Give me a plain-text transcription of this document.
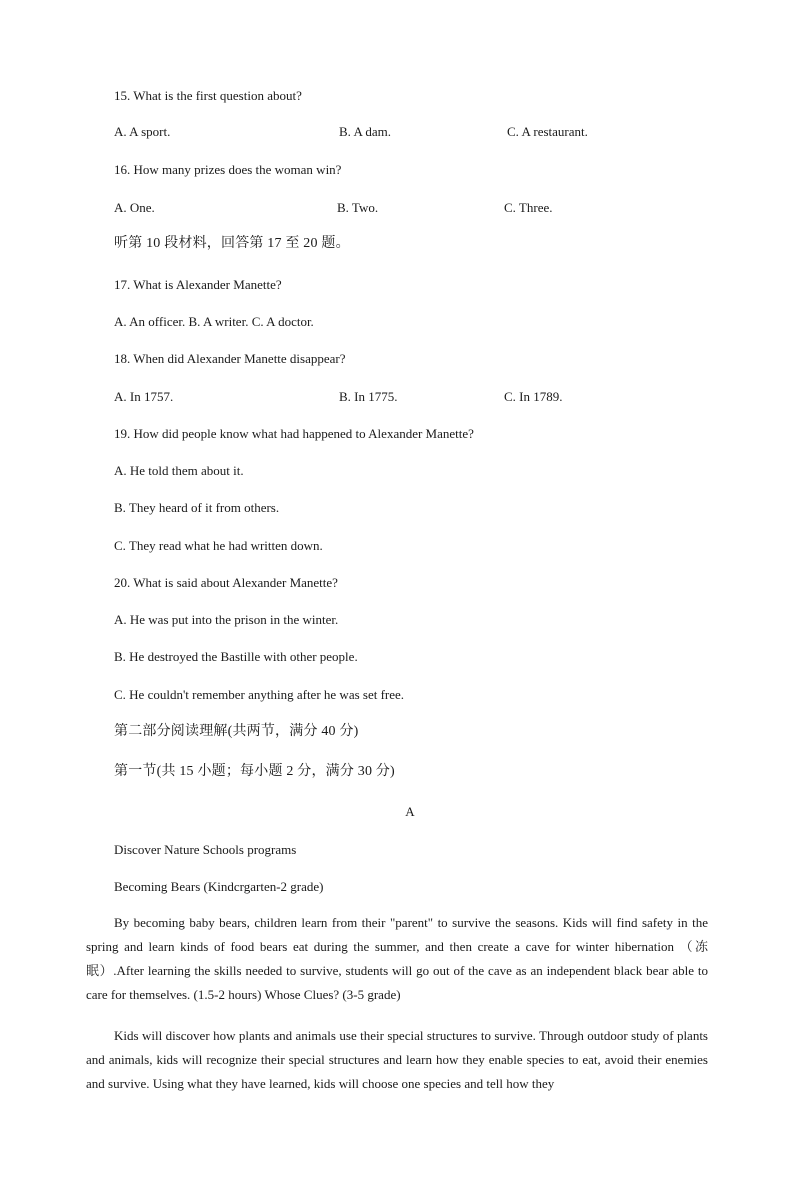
15. What is the first question about?
A. A sport.	B. A dam.	C. A restaurant.
16. How many prizes does the woman win?
A. One.	B. Two.	C. Three.
听第 10 段材料，回答第 17 至 20 题。
17. What is Alexander Manette?
A. An officer. B. A writer. C. A doctor.
18. When did Alexander Manette disappear?
A. In 1757.	B. In 1775.	C. In 1789.
19. How did people know what had happened to Alexander Manette?
A. He told them about it.
B. They heard of it from others.
C. They read what he had written down.
20. What is said about Alexander Manette?
A. He was put into the prison in the winter.
B. He destroyed the Bastille with other people.
C. He couldn't remember anything after he was set free.
第二部分阅读理解(共两节，满分 40 分)
第一节(共 15 小题；每小题 2 分，满分 30 分)
A
Discover Nature Schools programs
Becoming Bears (Kindcrgarten-2 grade)
By becoming baby bears, children learn from their "parent" to survive the seasons. Kids will find safety in the spring and learn kinds of food bears eat during the summer, and then create a cave for winter hibernation （冻眠）.After learning the skills needed to survive, students will go out of the cave as an independent black bear able to care for themselves. (1.5-2 hours) Whose Clues? (3-5 grade)
Kids will discover how plants and animals use their special structures to survive. Through outdoor study of plants and animals, kids will recognize their special structures and learn how they enable species to eat, avoid their enemies and survive. Using what they have learned, kids will choose one species and tell how they
